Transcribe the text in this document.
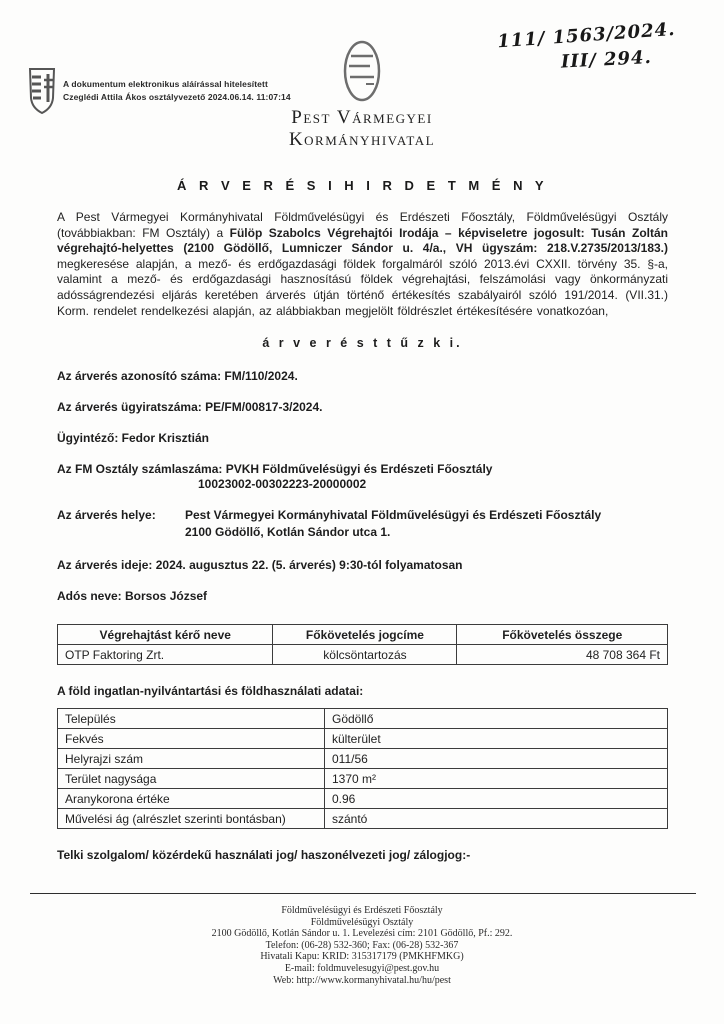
A dokumentum elektronikus aláírással hitelesített
Czeglédi Attila Ákos osztályvezető 2024.06.14. 11:07:14
111/ 1563/2024.
III/ 294.
Pest Vármegyei
Kormányhivatal
Á R V E R É S I H I R D E T M É N Y

A Pest Vármegyei Kormányhivatal Földművelésügyi és Erdészeti Főosztály, Földművelésügyi Osztály (továbbiakban: FM Osztály) a Fülöp Szabolcs Végrehajtói Irodája – képviseletre jogosult: Tusán Zoltán végrehajtó-helyettes (2100 Gödöllő, Lumniczer Sándor u. 4/a., VH ügyszám: 218.V.2735/2013/183.) megkeresése alapján, a mező- és erdőgazdasági földek forgalmáról szóló 2013.évi CXXII. törvény 35. §-a, valamint a mező- és erdőgazdasági hasznosítású földek végrehajtási, felszámolási vagy önkormányzati adósságrendezési eljárás keretében árverés útján történő értékesítés szabályairól szóló 191/2014. (VII.31.) Korm. rendelet rendelkezési alapján, az alábbiakban megjelölt földrészlet értékesítésére vonatkozóan,

á r v e r é s t t ű z k i.
Az árverés azonosító száma: FM/110/2024.
Az árverés ügyiratszáma: PE/FM/00817-3/2024.
Ügyintéző: Fedor Krisztián
Az FM Osztály számlaszáma: PVKH Földművelésügyi és Erdészeti Főosztály
10023002-00302223-20000002
Az árverés helye:	Pest Vármegyei Kormányhivatal Földművelésügyi és Erdészeti Főosztály
2100 Gödöllő, Kotlán Sándor utca 1.
Az árverés ideje: 2024. augusztus 22. (5. árverés) 9:30-tól folyamatosan
Adós neve: Borsos József
Végrehajtást kérő neve	Főkövetelés jogcíme	Főkövetelés összege
OTP Faktoring Zrt.	kölcsöntartozás	48 708 364 Ft
A föld ingatlan-nyilvántartási és földhasználati adatai:
Település	Gödöllő
Fekvés	külterület
Helyrajzi szám	011/56
Terület nagysága	1370 m²
Aranykorona értéke	0.96
Művelési ág (alrészlet szerinti bontásban)	szántó
Telki szolgalom/ közérdekű használati jog/ haszonélvezeti jog/ zálogjog:-
Földművelésügyi és Erdészeti Főosztály
Földművelésügyi Osztály
2100 Gödöllő, Kotlán Sándor u. 1. Levelezési cím: 2101 Gödöllő, Pf.: 292.
Telefon: (06-28) 532-360; Fax: (06-28) 532-367
Hivatali Kapu: KRID: 315317179 (PMKHFMKG)
E-mail: foldmuvelesugyi@pest.gov.hu
Web: http://www.kormanyhivatal.hu/hu/pest
